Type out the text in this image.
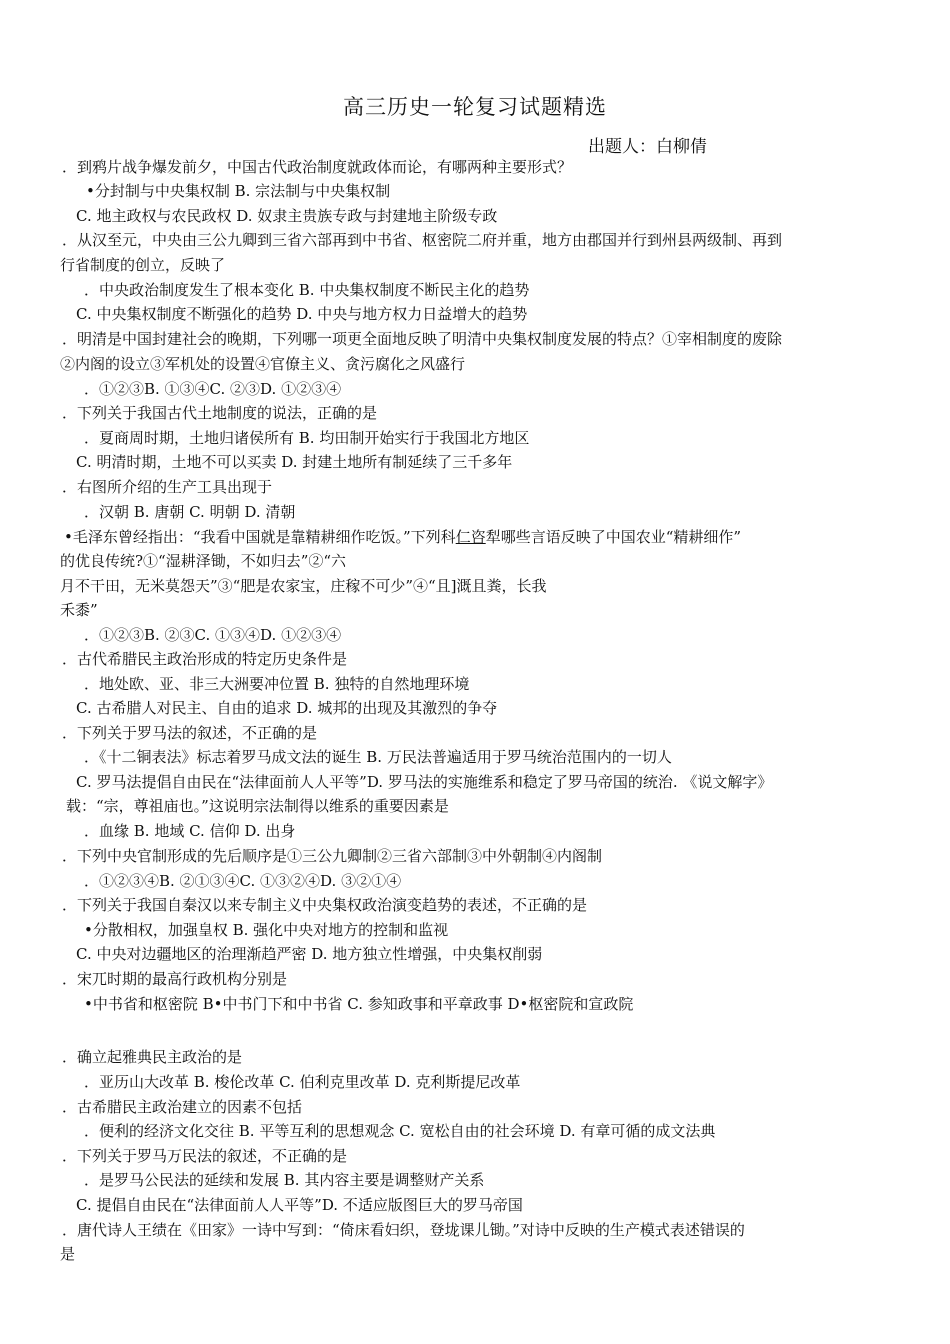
高三历史一轮复习试题精选
出题人：白柳倩
．到鸦片战争爆发前夕，中国古代政治制度就政体而论，有哪两种主要形式？
•分封制与中央集权制 B. 宗法制与中央集权制
C. 地主政权与农民政权 D. 奴隶主贵族专政与封建地主阶级专政
．从汉至元，中央由三公九卿到三省六部再到中书省、枢密院二府并重，地方由郡国并行到州县两级制、再到
行省制度的创立，反映了
．中央政治制度发生了根本变化 B. 中央集权制度不断民主化的趋势
C. 中央集权制度不断强化的趋势 D. 中央与地方权力日益增大的趋势
．明清是中国封建社会的晚期，下列哪一项更全面地反映了明清中央集权制度发展的特点？①宰相制度的废除
②内阁的设立③军机处的设置④官僚主义、贪污腐化之风盛行
．①②③B. ①③④C. ②③D. ①②③④
．下列关于我国古代土地制度的说法，正确的是
．夏商周时期，土地归诸侯所有 B. 均田制开始实行于我国北方地区
C. 明清时期，土地不可以买卖 D. 封建土地所有制延续了三千多年
．右图所介绍的生产工具出现于
．汉朝 B. 唐朝 C. 明朝 D. 清朝
•毛泽东曾经指出：“我看中国就是靠精耕细作吃饭。”下列科仁咨犁哪些言语反映了中国农业“精耕细作”
的优良传统?①“湿耕泽锄，不如归去”②“六
月不干田，无米莫怨天”③“肥是农家宝，庄稼不可少”④“且]溉且粪，长我
禾黍”
．①②③B. ②③C. ①③④D. ①②③④
．古代希腊民主政治形成的特定历史条件是
．地处欧、亚、非三大洲要冲位置 B. 独特的自然地理环境
C. 古希腊人对民主、自由的追求 D. 城邦的出现及其激烈的争夺
．下列关于罗马法的叙述，不正确的是
．《十二铜表法》标志着罗马成文法的诞生 B. 万民法普遍适用于罗马统治范围内的一切人
C. 罗马法提倡自由民在“法律面前人人平等”D. 罗马法的实施维系和稳定了罗马帝国的统治. 《说文解字》
载：“宗，尊祖庙也。”这说明宗法制得以维系的重要因素是
．血缘 B. 地域 C. 信仰 D. 出身
．下列中央官制形成的先后顺序是①三公九卿制②三省六部制③中外朝制④内阁制
．①②③④B. ②①③④C. ①③②④D. ③②①④
．下列关于我国自秦汉以来专制主义中央集权政治演变趋势的表述，不正确的是
•分散相权，加强皇权 B. 强化中央对地方的控制和监视
C. 中央对边疆地区的治理渐趋严密 D. 地方独立性增强，中央集权削弱
．宋兀时期的最高行政机构分别是
•中书省和枢密院 B•中书门下和中书省 C. 参知政事和平章政事 D•枢密院和宣政院
．确立起雅典民主政治的是
．亚历山大改革 B. 梭伦改革 C. 伯利克里改革 D. 克利斯提尼改革
．古希腊民主政治建立的因素不包括
．便利的经济文化交往 B. 平等互利的思想观念 C. 宽松自由的社会环境 D. 有章可循的成文法典
．下列关于罗马万民法的叙述，不正确的是
．是罗马公民法的延续和发展 B. 其内容主要是调整财产关系
C. 提倡自由民在“法律面前人人平等”D. 不适应版图巨大的罗马帝国
．唐代诗人王绩在《田家》一诗中写到：“倚床看妇织，登垅课儿锄。”对诗中反映的生产模式表述错误的
是
